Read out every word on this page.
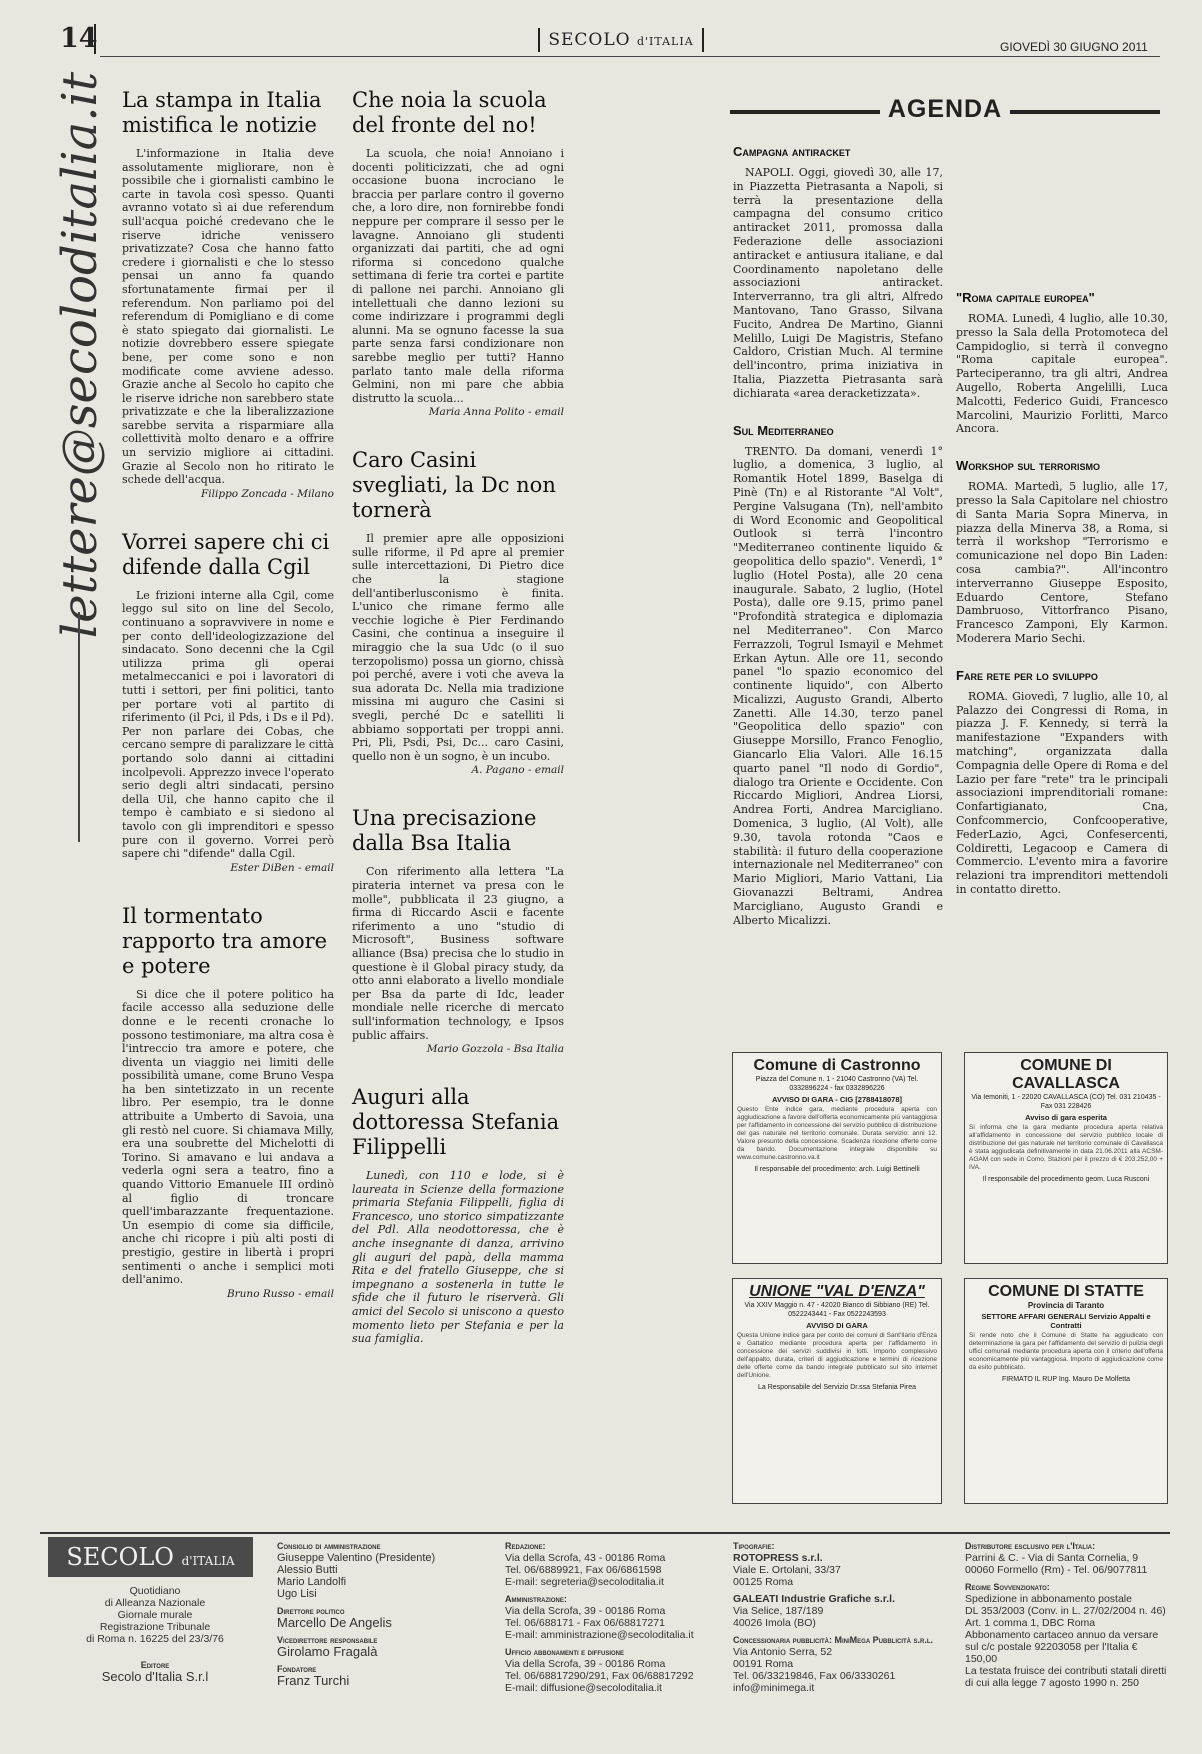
14	SECOLO d'ITALIA	GIOVEDÌ 30 GIUGNO 2011
lettere@secoloditalia.it La stampa in Italia mistifica le notizie

L'informazione in Italia deve assolutamente migliorare, non è possibile che i giornalisti cambino le carte in tavola così spesso. Quanti avranno votato sì ai due referendum sull'acqua poiché credevano che le riserve idriche venissero privatizzate? Cosa che hanno fatto credere i giornalisti e che lo stesso pensai un anno fa quando sfortunatamente firmai per il referendum. Non parliamo poi del referendum di Pomigliano e di come è stato spiegato dai giornalisti. Le notizie dovrebbero essere spiegate bene, per come sono e non modificate come avviene adesso. Grazie anche al Secolo ho capito che le riserve idriche non sarebbero state privatizzate e che la liberalizzazione sarebbe servita a risparmiare alla collettività molto denaro e a offrire un servizio migliore ai cittadini. Grazie al Secolo non ho ritirato le schede dell'acqua.

Filippo Zoncada - Milano
Vorrei sapere chi ci difende dalla Cgil

Le frizioni interne alla Cgil, come leggo sul sito on line del Secolo, continuano a sopravvivere in nome e per conto dell'ideologizzazione del sindacato. Sono decenni che la Cgil utilizza prima gli operai metalmeccanici e poi i lavoratori di tutti i settori, per fini politici, tanto per portare voti al partito di riferimento (il Pci, il Pds, i Ds e il Pd). Per non parlare dei Cobas, che cercano sempre di paralizzare le città portando solo danni ai cittadini incolpevoli. Apprezzo invece l'operato serio degli altri sindacati, persino della Uil, che hanno capito che il tempo è cambiato e si siedono al tavolo con gli imprenditori e spesso pure con il governo. Vorrei però sapere chi "difende" dalla Cgil.

Ester DiBen - email
Il tormentato rapporto tra amore e potere

Si dice che il potere politico ha facile accesso alla seduzione delle donne e le recenti cronache lo possono testimoniare, ma altra cosa è l'intreccio tra amore e potere, che diventa un viaggio nei limiti delle possibilità umane, come Bruno Vespa ha ben sintetizzato in un recente libro. Per esempio, tra le donne attribuite a Umberto di Savoia, una gli restò nel cuore. Si chiamava Milly, era una soubrette del Michelotti di Torino. Si amavano e lui andava a vederla ogni sera a teatro, fino a quando Vittorio Emanuele III ordinò al figlio di troncare quell'imbarazzante frequentazione. Un esempio di come sia difficile, anche chi ricopre i più alti posti di prestigio, gestire in libertà i propri sentimenti o anche i semplici moti dell'animo.

Bruno Russo - email
Che noia la scuola del fronte del no!

La scuola, che noia! Annoiano i docenti politicizzati, che ad ogni occasione buona incrociano le braccia per parlare contro il governo che, a loro dire, non fornirebbe fondi neppure per comprare il sesso per le lavagne. Annoiano gli studenti organizzati dai partiti, che ad ogni riforma si concedono qualche settimana di ferie tra cortei e partite di pallone nei parchi. Annoiano gli intellettuali che danno lezioni su come indirizzare i programmi degli alunni. Ma se ognuno facesse la sua parte senza farsi condizionare non sarebbe meglio per tutti? Hanno parlato tanto male della riforma Gelmini, non mi pare che abbia distrutto la scuola...

Maria Anna Polito - email
Caro Casini svegliati, la Dc non tornerà

Il premier apre alle opposizioni sulle riforme, il Pd apre al premier sulle intercettazioni, Di Pietro dice che la stagione dell'antiberlusconismo è finita. L'unico che rimane fermo alle vecchie logiche è Pier Ferdinando Casini, che continua a inseguire il miraggio che la sua Udc (o il suo terzopolismo) possa un giorno, chissà poi perché, avere i voti che aveva la sua adorata Dc. Nella mia tradizione missina mi auguro che Casini si svegli, perché Dc e satelliti li abbiamo sopportati per troppi anni. Pri, Pli, Psdi, Psi, Dc... caro Casini, quello non è un sogno, è un incubo.

A. Pagano - email
Una precisazione dalla Bsa Italia

Con riferimento alla lettera "La pirateria internet va presa con le molle", pubblicata il 23 giugno, a firma di Riccardo Ascii e facente riferimento a uno "studio di Microsoft", Business software alliance (Bsa) precisa che lo studio in questione è il Global piracy study, da otto anni elaborato a livello mondiale per Bsa da parte di Idc, leader mondiale nelle ricerche di mercato sull'information technology, e Ipsos public affairs.

Mario Gozzola - Bsa Italia
Auguri alla dottoressa Stefania Filippelli

Lunedì, con 110 e lode, si è laureata in Scienze della formazione primaria Stefania Filippelli, figlia di Francesco, uno storico simpatizzante del Pdl. Alla neodottoressa, che è anche insegnante di danza, arrivino gli auguri del papà, della mamma Rita e del fratello Giuseppe, che si impegnano a sostenerla in tutte le sfide che il futuro le riserverà. Gli amici del Secolo si uniscono a questo momento lieto per Stefania e per la sua famiglia.

AGENDA
Campagna antiracket

NAPOLI. Oggi, giovedì 30, alle 17, in Piazzetta Pietrasanta a Napoli, si terrà la presentazione della campagna del consumo critico antiracket 2011, promossa dalla Federazione delle associazioni antiracket e antiusura italiane, e dal Coordinamento napoletano delle associazioni antiracket. Interverranno, tra gli altri, Alfredo Mantovano, Tano Grasso, Silvana Fucito, Andrea De Martino, Gianni Melillo, Luigi De Magistris, Stefano Caldoro, Cristian Much. Al termine dell'incontro, prima iniziativa in Italia, Piazzetta Pietrasanta sarà dichiarata «area deracketizzata».

Sul Mediterraneo

TRENTO. Da domani, venerdì 1° luglio, a domenica, 3 luglio, al Romantik Hotel 1899, Baselga di Pinè (Tn) e al Ristorante "Al Volt", Pergine Valsugana (Tn), nell'ambito di Word Economic and Geopolitical Outlook si terrà l'incontro "Mediterraneo continente liquido & geopolitica dello spazio". Venerdì, 1° luglio (Hotel Posta), alle 20 cena inaugurale. Sabato, 2 luglio, (Hotel Posta), dalle ore 9.15, primo panel "Profondità strategica e diplomazia nel Mediterraneo". Con Marco Ferrazzoli, Togrul Ismayil e Mehmet Erkan Aytun. Alle ore 11, secondo panel "lo spazio economico del continente liquido", con Alberto Micalizzi, Augusto Grandi, Alberto Zanetti. Alle 14.30, terzo panel "Geopolitica dello spazio" con Giuseppe Morsillo, Franco Fenoglio, Giancarlo Elia Valori. Alle 16.15 quarto panel "Il nodo di Gordio", dialogo tra Oriente e Occidente. Con Riccardo Migliori, Andrea Liorsi, Andrea Forti, Andrea Marcigliano. Domenica, 3 luglio, (Al Volt), alle 9.30, tavola rotonda "Caos e stabilità: il futuro della cooperazione internazionale nel Mediterraneo" con Mario Migliori, Mario Vattani, Lia Giovanazzi Beltrami, Andrea Marcigliano, Augusto Grandi e Alberto Micalizzi.

"Roma capitale europea"

ROMA. Lunedì, 4 luglio, alle 10.30, presso la Sala della Protomoteca del Campidoglio, si terrà il convegno "Roma capitale europea". Parteciperanno, tra gli altri, Andrea Augello, Roberta Angelilli, Luca Malcotti, Federico Guidi, Francesco Marcolini, Maurizio Forlitti, Marco Ancora.

Workshop sul terrorismo

ROMA. Martedì, 5 luglio, alle 17, presso la Sala Capitolare nel chiostro di Santa Maria Sopra Minerva, in piazza della Minerva 38, a Roma, si terrà il workshop "Terrorismo e comunicazione nel dopo Bin Laden: cosa cambia?". All'incontro interverranno Giuseppe Esposito, Eduardo Centore, Stefano Dambruoso, Vittorfranco Pisano, Francesco Zamponi, Ely Karmon. Moderera Mario Sechi.

Fare rete per lo sviluppo

ROMA. Giovedì, 7 luglio, alle 10, al Palazzo dei Congressi di Roma, in piazza J. F. Kennedy, si terrà la manifestazione "Expanders with matching", organizzata dalla Compagnia delle Opere di Roma e del Lazio per fare "rete" tra le principali associazioni imprenditoriali romane: Confartigianato, Cna, Confcommercio, Confcooperative, FederLazio, Agci, Confesercenti, Coldiretti, Legacoop e Camera di Commercio. L'evento mira a favorire relazioni tra imprenditori mettendoli in contatto diretto.

Comune di Castronno
Piazza del Comune n. 1 - 21040 Castronno (VA) Tel. 0332896224 - fax 0332896226
AVVISO DI GARA - CIG [2788418078]
Questo Ente indice gara, mediante procedura aperta con aggiudicazione a favore dell'offerta economicamente più vantaggiosa per l'affidamento in concessione del servizio pubblico di distribuzione del gas naturale nel territorio comunale. Durata servizio: anni 12. Valore presunto della concessione. Scadenza ricezione offerte come da bando. Documentazione integrale disponibile su www.comune.castronno.va.it
Il responsabile del procedimento: arch. Luigi Bettinelli
COMUNE DI CAVALLASCA
Via Iemoniti, 1 - 22020 CAVALLASCA (CO) Tel. 031 210435 - Fax 031 228426
Avviso di gara esperita
Si informa che la gara mediante procedura aperta relativa all'affidamento in concessione del servizio pubblico locale di distribuzione del gas naturale nel territorio comunale di Cavallasca è stata aggiudicata definitivamente in data 21.06.2011 alla ACSM-AGAM con sede in Como. Stazioni per il prezzo di € 203.252,00 + IVA.
Il responsabile del procedimento geom. Luca Rusconi
UNIONE "VAL D'ENZA"
Via XXIV Maggio n. 47 - 42020 Bianco di Sibbiano (RE) Tel. 0522243441 - Fax 0522243593
AVVISO DI GARA
Questa Unione indice gara per conto dei comuni di Sant'Ilario d'Enza e Gattatico mediante procedura aperta per l'affidamento in concessione dei servizi suddivisi in lotti. Importo complessivo dell'appalto, durata, criteri di aggiudicazione e termini di ricezione delle offerte come da bando integrale pubblicato sul sito internet dell'Unione.
La Responsabile del Servizio Dr.ssa Stefania Pirea
COMUNE DI STATTE
Provincia di Taranto
SETTORE AFFARI GENERALI Servizio Appalti e Contratti
Si rende noto che il Comune di Statte ha aggiudicato con determinazione la gara per l'affidamento del servizio di pulizia degli uffici comunali mediante procedura aperta con il criterio dell'offerta economicamente più vantaggiosa. Importo di aggiudicazione come da esito pubblicato.
FIRMATO IL RUP Ing. Mauro De Molfetta
SECOLO d'ITALIA
Quotidiano
di Alleanza Nazionale
Giornale murale
Registrazione Tribunale
di Roma n. 16225 del 23/3/76
Editore
Secolo d'Italia S.r.l
Consiglio di amministrazione
Giuseppe Valentino (Presidente)
Alessio Butti
Mario Landolfi
Ugo Lisi
Direttore politico
Marcello De Angelis
Vicedirettore responsabile
Girolamo Fragalà
Fondatore
Franz Turchi
Redazione:
Via della Scrofa, 43 - 00186 Roma
Tel. 06/6889921, Fax 06/6861598
E-mail: segreteria@secoloditalia.it
Amministrazione:
Via della Scrofa, 39 - 00186 Roma
Tel. 06/688171 - Fax 06/68817271
E-mail: amministrazione@secoloditalia.it
Ufficio abbonamenti e diffusione
Via della Scrofa, 39 - 00186 Roma
Tel. 06/68817290/291, Fax 06/68817292
E-mail: diffusione@secoloditalia.it
Tipografie:
ROTOPRESS s.r.l.
Viale E. Ortolani, 33/37
00125 Roma
GALEATI Industrie Grafiche s.r.l.
Via Selice, 187/189
40026 Imola (BO)
Concessionaria pubblicità: MiniMega Pubblicità s.r.l.
Via Antonio Serra, 52
00191 Roma
Tel. 06/33219846, Fax 06/3330261
info@minimega.it
Distributore esclusivo per l'Italia:
Parrini & C. - Via di Santa Cornelia, 9
00060 Formello (Rm) - Tel. 06/9077811
Regime Sovvenzionato:
Spedizione in abbonamento postale
DL 353/2003 (Conv. in L. 27/02/2004 n. 46)
Art. 1 comma 1, DBC Roma
Abbonamento cartaceo annuo da versare
sul c/c postale 92203058 per l'Italia € 150,00
La testata fruisce dei contributi statali diretti
di cui alla legge 7 agosto 1990 n. 250
